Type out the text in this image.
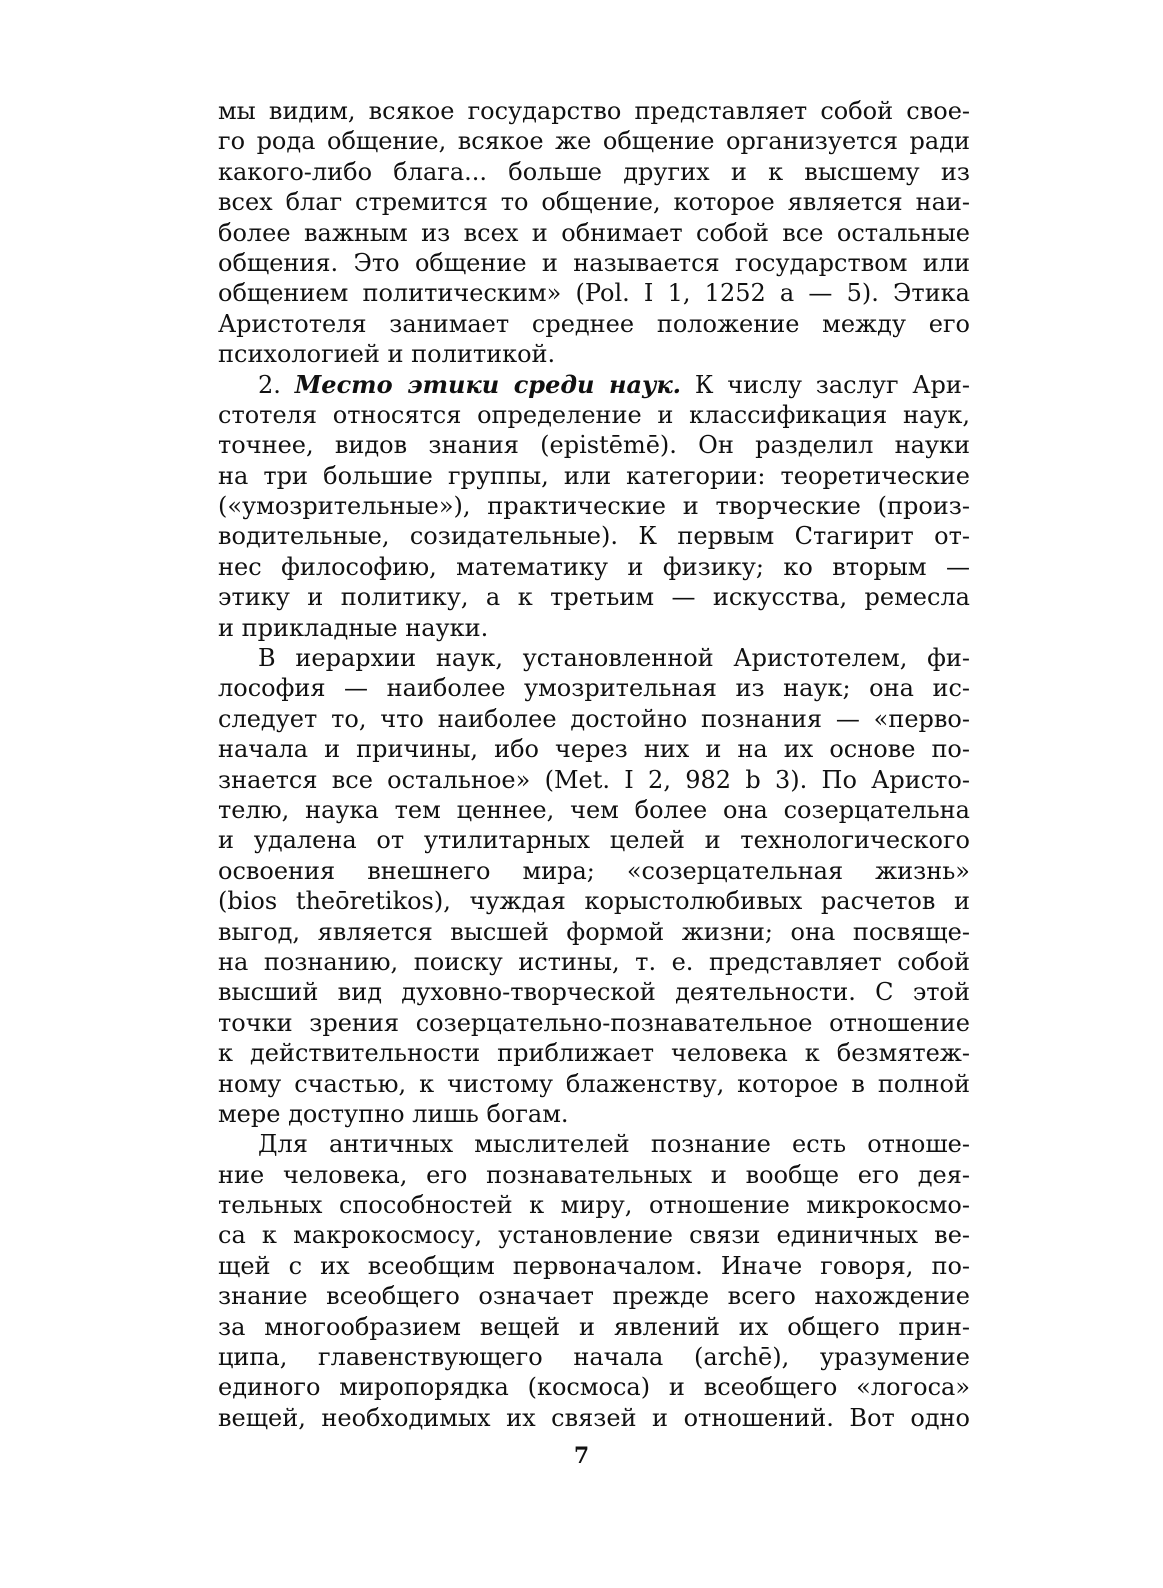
мы видим, всякое государство представляет собой свое-
го рода общение, всякое же общение организуется ради
какого-либо блага... больше других и к высшему из
всех благ стремится то общение, которое является наи-
более важным из всех и обнимает собой все остальные
общения. Это общение и называется государством или
общением политическим» (Pol. I 1, 1252 а — 5). Этика
Аристотеля занимает среднее положение между его
психологией и политикой.
2. Место этики среди наук. К числу заслуг Ари-
стотеля относятся определение и классификация наук,
точнее, видов знания (epistēmē). Он разделил науки
на три большие группы, или категории: теоретические
(«умозрительные»), практические и творческие (произ-
водительные, созидательные). К первым Стагирит от-
нес философию, математику и физику; ко вторым —
этику и политику, а к третьим — искусства, ремесла
и прикладные науки.
В иерархии наук, установленной Аристотелем, фи-
лософия — наиболее умозрительная из наук; она ис-
следует то, что наиболее достойно познания — «перво-
начала и причины, ибо через них и на их основе по-
знается все остальное» (Met. I 2, 982 b 3). По Аристо-
телю, наука тем ценнее, чем более она созерцательна
и удалена от утилитарных целей и технологического
освоения внешнего мира; «созерцательная жизнь»
(bios theōretikos), чуждая корыстолюбивых расчетов и
выгод, является высшей формой жизни; она посвяще-
на познанию, поиску истины, т. е. представляет собой
высший вид духовно-творческой деятельности. С этой
точки зрения созерцательно-познавательное отношение
к действительности приближает человека к безмятеж-
ному счастью, к чистому блаженству, которое в полной
мере доступно лишь богам.
Для античных мыслителей познание есть отноше-
ние человека, его познавательных и вообще его дея-
тельных способностей к миру, отношение микрокосмо-
са к макрокосмосу, установление связи единичных ве-
щей с их всеобщим первоначалом. Иначе говоря, по-
знание всеобщего означает прежде всего нахождение
за многообразием вещей и явлений их общего прин-
ципа, главенствующего начала (archē), уразумение
единого миропорядка (космоса) и всеобщего «логоса»
вещей, необходимых их связей и отношений. Вот одно
7
